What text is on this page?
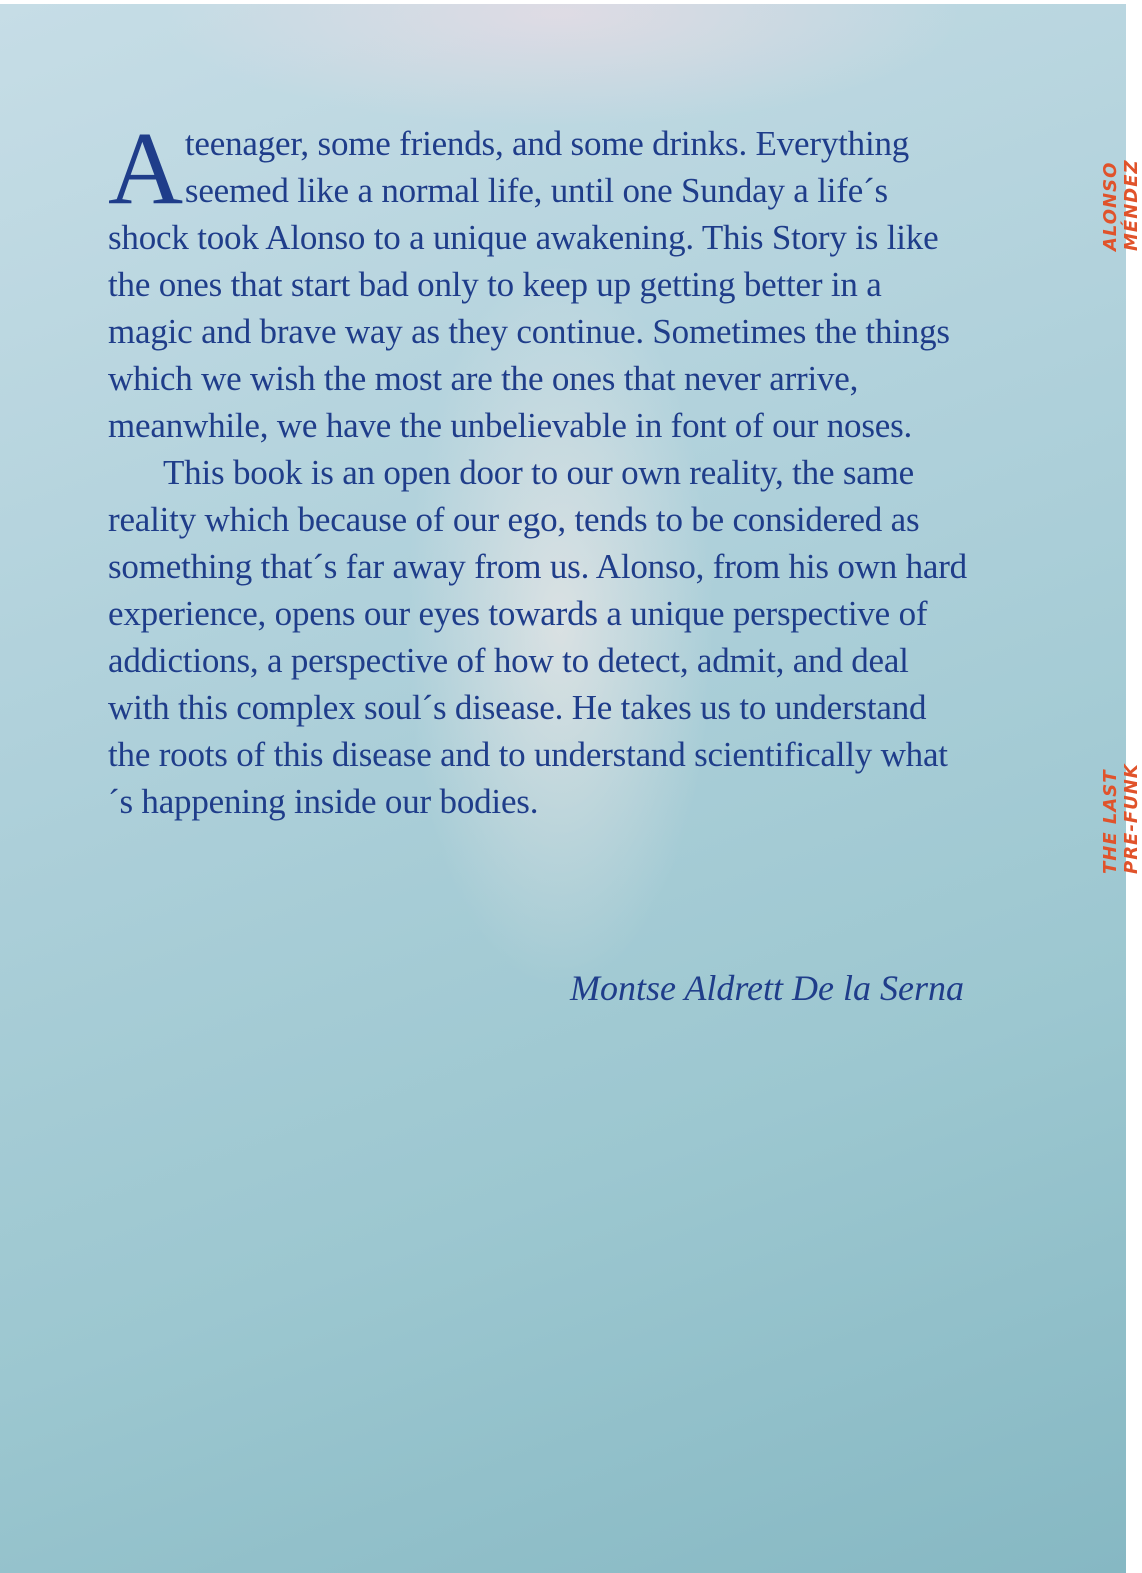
A teenager, some friends, and some drinks. Everything seemed like a normal life, until one Sunday a life´s shock took Alonso to a unique awakening. This Story is like the ones that start bad only to keep up getting better in a magic and brave way as they continue. Sometimes the things which we wish the most are the ones that never arrive, meanwhile, we have the unbelievable in font of our noses.

This book is an open door to our own reality, the same reality which because of our ego, tends to be considered as something that´s far away from us. Alonso, from his own hard experience, opens our eyes towards a unique perspective of addictions, a perspective of how to detect, admit, and deal with this complex soul´s disease. He takes us to understand the roots of this disease and to understand scientifically what´s happening inside our bodies.

Montse Aldrett De la Serna
ALONSO MÉNDEZ
THE LAST PRE-FUNK
